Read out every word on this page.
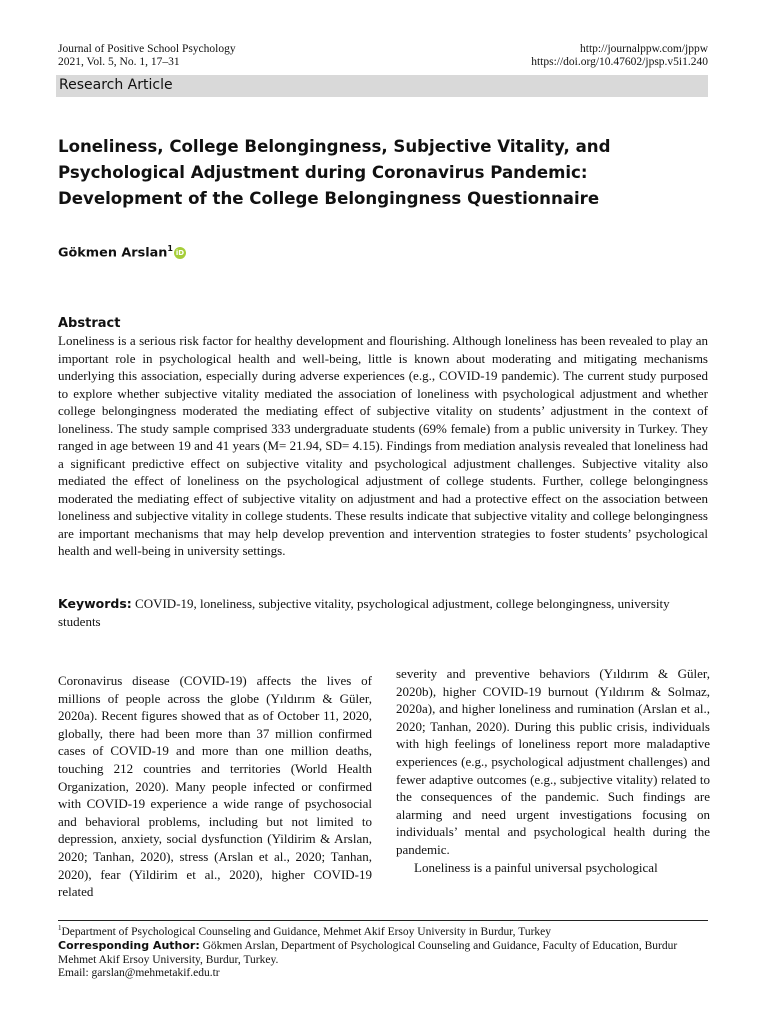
Journal of Positive School Psychology
2021, Vol. 5, No. 1, 17–31
http://journalppw.com/jppw
https://doi.org/10.47602/jpsp.v5i1.240
Research Article
Loneliness, College Belongingness, Subjective Vitality, and Psychological Adjustment during Coronavirus Pandemic: Development of the College Belongingness Questionnaire
Gökmen Arslan$^1$iD
Abstract

Loneliness is a serious risk factor for healthy development and flourishing. Although loneliness has been revealed to play an important role in psychological health and well-being, little is known about moderating and mitigating mechanisms underlying this association, especially during adverse experiences (e.g., COVID-19 pandemic). The current study purposed to explore whether subjective vitality mediated the association of loneliness with psychological adjustment and whether college belongingness moderated the mediating effect of subjective vitality on students’ adjustment in the context of loneliness. The study sample comprised 333 undergraduate students (69% female) from a public university in Turkey. They ranged in age between 19 and 41 years (M= 21.94, SD= 4.15). Findings from mediation analysis revealed that loneliness had a significant predictive effect on subjective vitality and psychological adjustment challenges. Subjective vitality also mediated the effect of loneliness on the psychological adjustment of college students. Further, college belongingness moderated the mediating effect of subjective vitality on adjustment and had a protective effect on the association between loneliness and subjective vitality in college students. These results indicate that subjective vitality and college belongingness are important mechanisms that may help develop prevention and intervention strategies to foster students’ psychological health and well-being in university settings.

Keywords: COVID-19, loneliness, subjective vitality, psychological adjustment, college belongingness, university students

Coronavirus disease (COVID-19) affects the lives of millions of people across the globe (Yıldırım & Güler, 2020a). Recent figures showed that as of October 11, 2020, globally, there had been more than 37 million confirmed cases of COVID-19 and more than one million deaths, touching 212 countries and territories (World Health Organization, 2020). Many people infected or confirmed with COVID-19 experience a wide range of psychosocial and behavioral problems, including but not limited to depression, anxiety, social dysfunction (Yildirim & Arslan, 2020; Tanhan, 2020), stress (Arslan et al., 2020; Tanhan, 2020), fear (Yildirim et al., 2020), higher COVID-19 related

severity and preventive behaviors (Yıldırım & Güler, 2020b), higher COVID-19 burnout (Yıldırım & Solmaz, 2020a), and higher loneliness and rumination (Arslan et al., 2020; Tanhan, 2020). During this public crisis, individuals with high feelings of loneliness report more maladaptive experiences (e.g., psychological adjustment challenges) and fewer adaptive outcomes (e.g., subjective vitality) related to the consequences of the pandemic. Such findings are alarming and need urgent investigations focusing on individuals’ mental and psychological health during the pandemic.
Loneliness is a painful universal psychological
$^1$Department of Psychological Counseling and Guidance, Mehmet Akif Ersoy University in Burdur, Turkey
Corresponding Author: Gökmen Arslan, Department of Psychological Counseling and Guidance, Faculty of Education, Burdur Mehmet Akif Ersoy University, Burdur, Turkey.
Email: garslan@mehmetakif.edu.tr
